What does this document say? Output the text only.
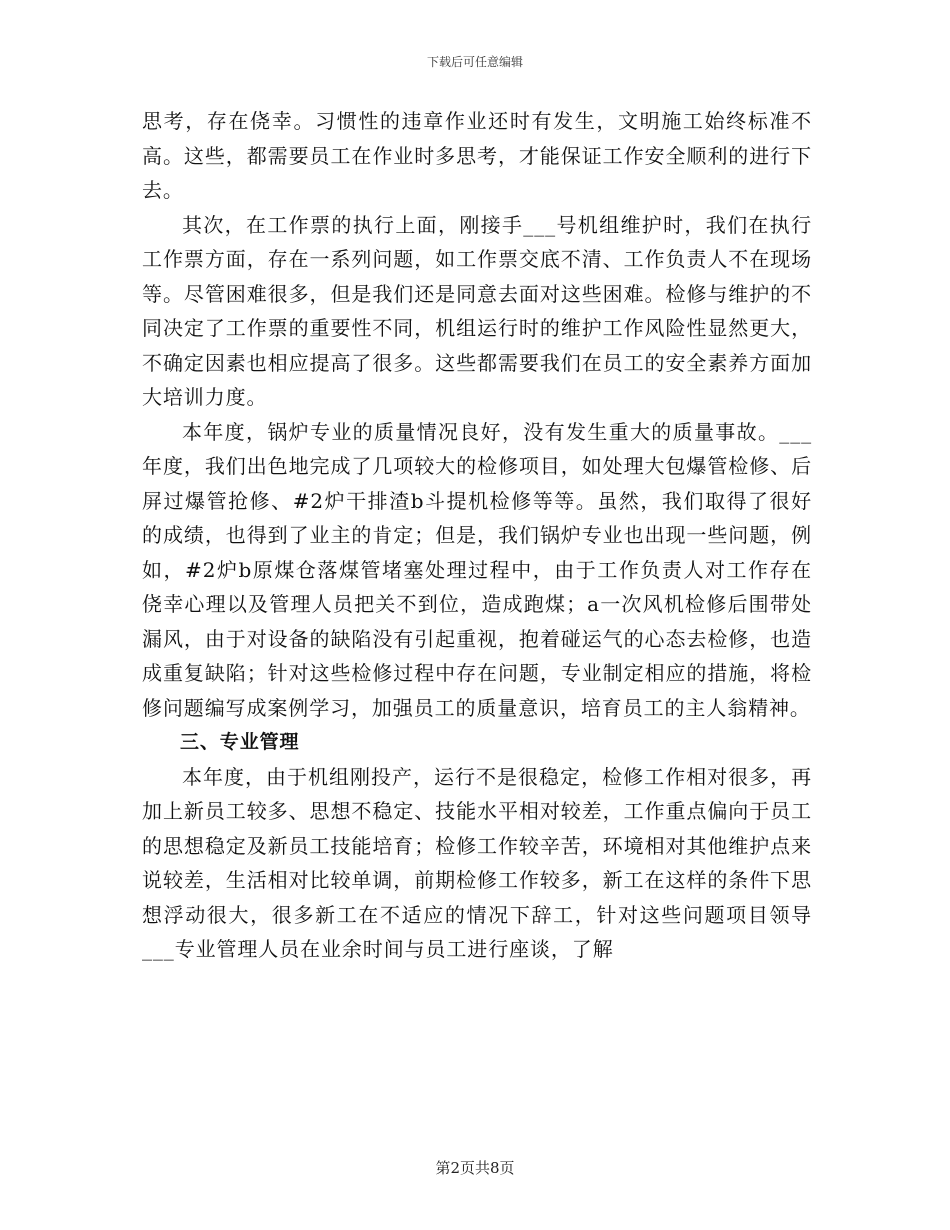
下载后可任意编辑

思考，存在侥幸。习惯性的违章作业还时有发生，文明施工始终标准不高。这些，都需要员工在作业时多思考，才能保证工作安全顺利的进行下去。

其次，在工作票的执行上面，刚接手___号机组维护时，我们在执行工作票方面，存在一系列问题，如工作票交底不清、工作负责人不在现场等。尽管困难很多，但是我们还是同意去面对这些困难。检修与维护的不同决定了工作票的重要性不同，机组运行时的维护工作风险性显然更大，不确定因素也相应提高了很多。这些都需要我们在员工的安全素养方面加大培训力度。

本年度，锅炉专业的质量情况良好，没有发生重大的质量事故。___年度，我们出色地完成了几项较大的检修项目，如处理大包爆管检修、后屏过爆管抢修、#2炉干排渣b斗提机检修等等。虽然，我们取得了很好的成绩，也得到了业主的肯定；但是，我们锅炉专业也出现一些问题，例如，#2炉b原煤仓落煤管堵塞处理过程中，由于工作负责人对工作存在侥幸心理以及管理人员把关不到位，造成跑煤；a一次风机检修后围带处漏风，由于对设备的缺陷没有引起重视，抱着碰运气的心态去检修，也造成重复缺陷；针对这些检修过程中存在问题，专业制定相应的措施，将检修问题编写成案例学习，加强员工的质量意识，培育员工的主人翁精神。

三、专业管理

本年度，由于机组刚投产，运行不是很稳定，检修工作相对很多，再加上新员工较多、思想不稳定、技能水平相对较差，工作重点偏向于员工的思想稳定及新员工技能培育；检修工作较辛苦，环境相对其他维护点来说较差，生活相对比较单调，前期检修工作较多，新工在这样的条件下思想浮动很大，很多新工在不适应的情况下辞工，针对这些问题项目领导___专业管理人员在业余时间与员工进行座谈，了解

第2页共8页
